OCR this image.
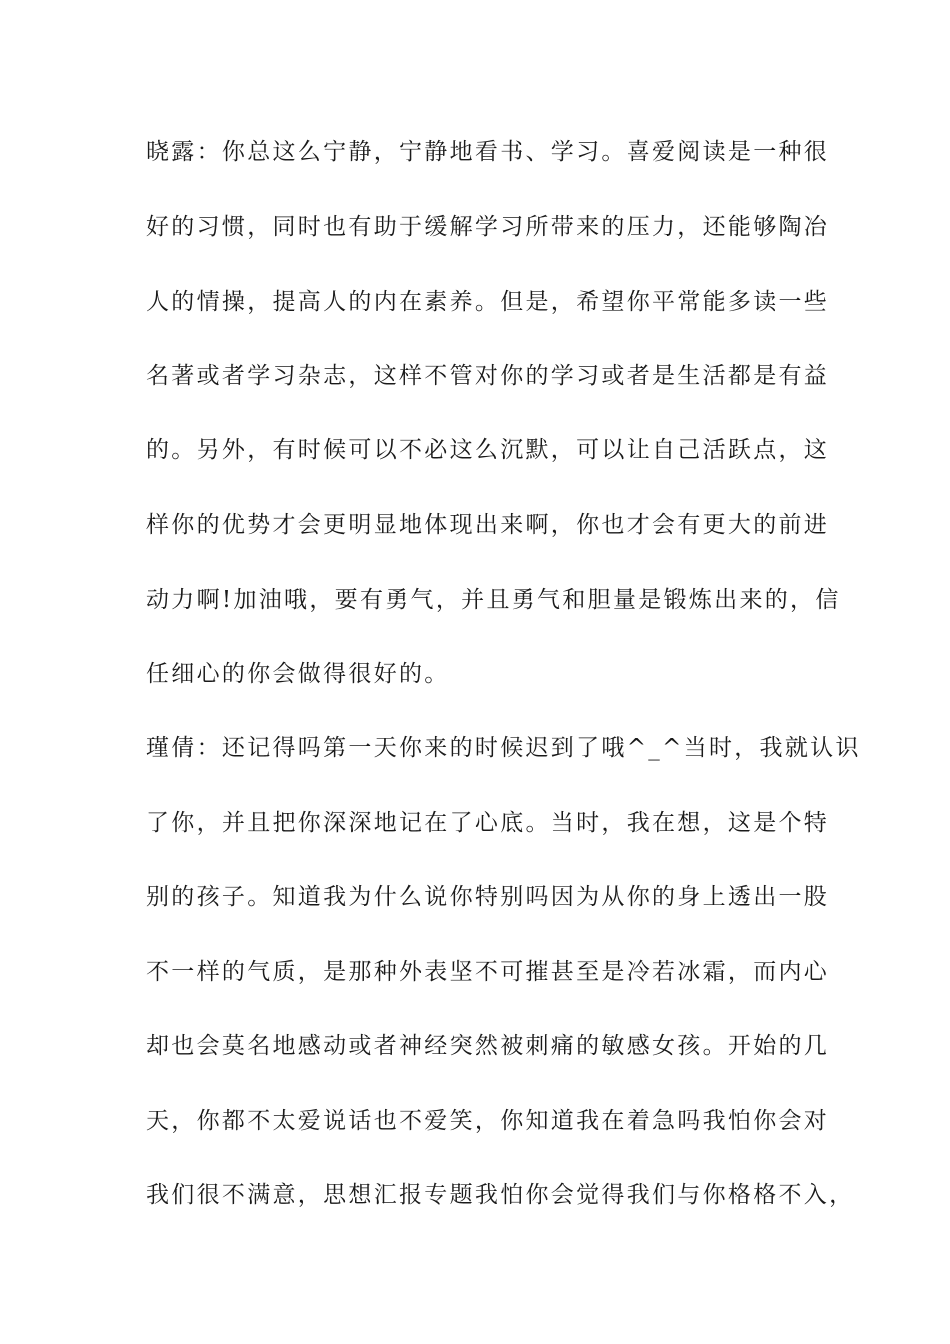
晓露：你总这么宁静，宁静地看书、学习。喜爱阅读是一种很
好的习惯，同时也有助于缓解学习所带来的压力，还能够陶冶
人的情操，提高人的内在素养。但是，希望你平常能多读一些
名著或者学习杂志，这样不管对你的学习或者是生活都是有益
的。另外，有时候可以不必这么沉默，可以让自己活跃点，这
样你的优势才会更明显地体现出来啊，你也才会有更大的前进
动力啊!加油哦，要有勇气，并且勇气和胆量是锻炼出来的，信
任细心的你会做得很好的。
瑾倩：还记得吗第一天你来的时候迟到了哦^_^当时，我就认识
了你，并且把你深深地记在了心底。当时，我在想，这是个特
别的孩子。知道我为什么说你特别吗因为从你的身上透出一股
不一样的气质，是那种外表坚不可摧甚至是冷若冰霜，而内心
却也会莫名地感动或者神经突然被刺痛的敏感女孩。开始的几
天，你都不太爱说话也不爱笑，你知道我在着急吗我怕你会对
我们很不满意，思想汇报专题我怕你会觉得我们与你格格不入，
